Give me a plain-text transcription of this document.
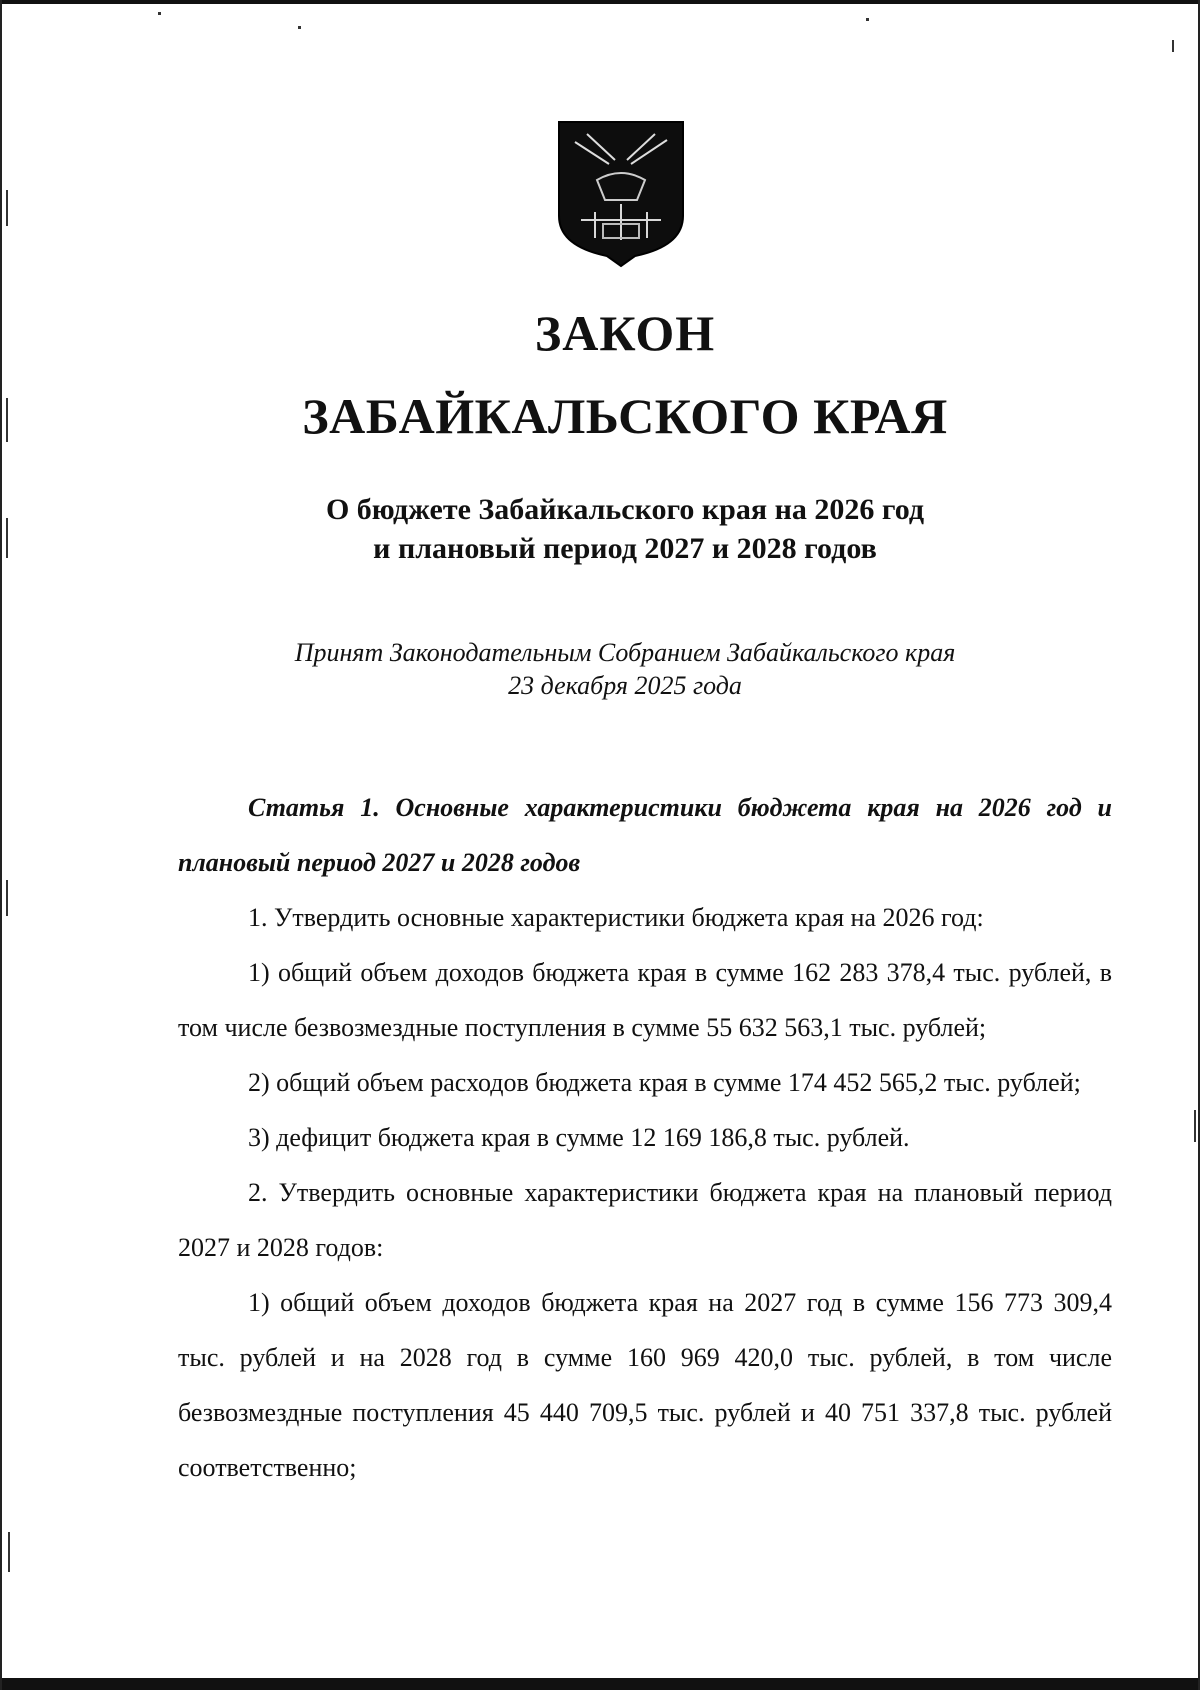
ЗАКОН
ЗАБАЙКАЛЬСКОГО КРАЯ
О бюджете Забайкальского края на 2026 год
и плановый период 2027 и 2028 годов
Принят Законодательным Собранием Забайкальского края
23 декабря 2025 года

Статья 1. Основные характеристики бюджета края на 2026 год и плановый период 2027 и 2028 годов

1. Утвердить основные характеристики бюджета края на 2026 год:

1) общий объем доходов бюджета края в сумме 162 283 378,4 тыс. рублей, в том числе безвозмездные поступления в сумме 55 632 563,1 тыс. рублей;

2) общий объем расходов бюджета края в сумме 174 452 565,2 тыс. рублей;

3) дефицит бюджета края в сумме 12 169 186,8 тыс. рублей.

2. Утвердить основные характеристики бюджета края на плановый период 2027 и 2028 годов:

1) общий объем доходов бюджета края на 2027 год в сумме 156 773 309,4 тыс. рублей и на 2028 год в сумме 160 969 420,0 тыс. рублей, в том числе безвозмездные поступления 45 440 709,5 тыс. рублей и 40 751 337,8 тыс. рублей соответственно;
